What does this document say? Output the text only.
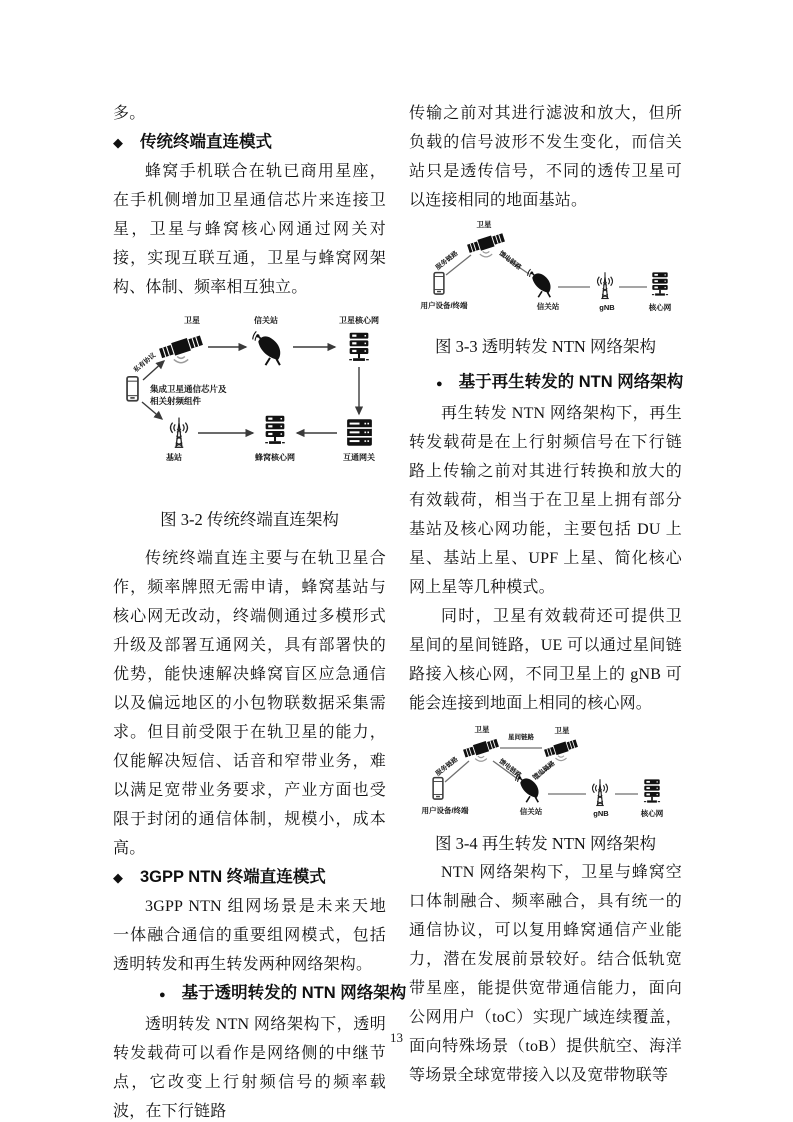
多。

◆ 传统终端直连模式

蜂窝手机联合在轨已商用星座，在手机侧增加卫星通信芯片来连接卫星，卫星与蜂窝核心网通过网关对接，实现互联互通，卫星与蜂窝网架构、体制、频率相互独立。

卫星	信关站	卫星核心网
私有协议
集成卫星通信芯片及
相关射频组件
基站	蜂窝核心网	互通网关

图 3-2 传统终端直连架构

传统终端直连主要与在轨卫星合作，频率牌照无需申请，蜂窝基站与核心网无改动，终端侧通过多模形式升级及部署互通网关，具有部署快的优势，能快速解决蜂窝盲区应急通信以及偏远地区的小包物联数据采集需求。但目前受限于在轨卫星的能力，仅能解决短信、话音和窄带业务，难以满足宽带业务要求，产业方面也受限于封闭的通信体制，规模小，成本高。

◆ 3GPP NTN 终端直连模式

3GPP NTN 组网场景是未来天地一体融合通信的重要组网模式，包括透明转发和再生转发两种网络架构。

● 基于透明转发的 NTN 网络架构

透明转发 NTN 网络架构下，透明转发载荷可以看作是网络侧的中继节点，它改变上行射频信号的频率载波，在下行链路

传输之前对其进行滤波和放大，但所负载的信号波形不发生变化，而信关站只是透传信号，不同的透传卫星可以连接相同的地面基站。

卫星
服务链路	馈电链路
用户设备/终端	信关站	gNB	核心网

图 3-3 透明转发 NTN 网络架构

● 基于再生转发的 NTN 网络架构

再生转发 NTN 网络架构下，再生转发载荷是在上行射频信号在下行链路上传输之前对其进行转换和放大的有效载荷，相当于在卫星上拥有部分基站及核心网功能，主要包括 DU 上星、基站上星、UPF 上星、简化核心网上星等几种模式。

同时，卫星有效载荷还可提供卫星间的星间链路，UE 可以通过星间链路接入核心网，不同卫星上的 gNB 可能会连接到地面上相同的核心网。

卫星	卫星
星间链路
服务链路	馈电链路 馈电链路
用户设备/终端	信关站	gNB	核心网

图 3-4 再生转发 NTN 网络架构

NTN 网络架构下，卫星与蜂窝空口体制融合、频率融合，具有统一的通信协议，可以复用蜂窝通信产业能力，潜在发展前景较好。结合低轨宽带星座，能提供宽带通信能力，面向公网用户（toC）实现广域连续覆盖，面向特殊场景（toB）提供航空、海洋等场景全球宽带接入以及宽带物联等

13
